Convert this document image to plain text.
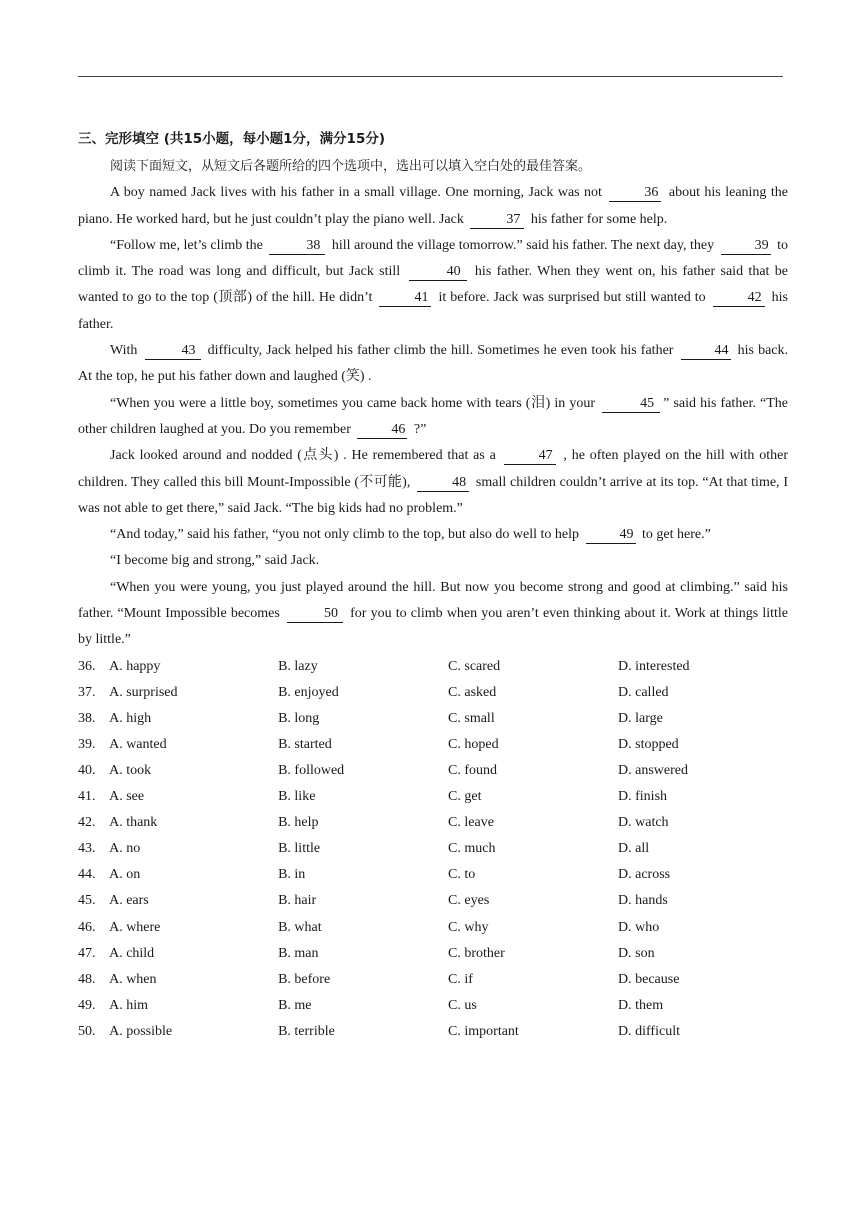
三、完形填空 (共15小题，每小题1分，满分15分)

阅读下面短文，从短文后各题所给的四个选项中，选出可以填入空白处的最佳答案。

A boy named Jack lives with his father in a small village. One morning, Jack was not	36 about his leaning the piano. He worked hard, but he just couldn’t play the piano well. Jack	37 his father for some help.

“Follow me, let’s climb the	38 hill around the village tomorrow.” said his father. The next day, they	39 to climb it. The road was long and difficult, but Jack still	40 his father. When they went on, his father said that be wanted to go to the top (顶部) of the hill. He didn’t	41 it before. Jack was surprised but still wanted to	42 his father.

With	43 difficulty, Jack helped his father climb the hill. Sometimes he even took his father	44 his back. At the top, he put his father down and laughed (笑) .

“When you were a little boy, sometimes you came back home with tears (泪) in your	45 ” said his father. “The other children laughed at you. Do you remember	46 ?”

Jack looked around and nodded (点头) . He remembered that as a	47 , he often played on the hill with other children. They called this bill Mount-Impossible (不可能),	48 small children couldn’t arrive at its top. “At that time, I was not able to get there,” said Jack. “The big kids had no problem.”

“And today,” said his father, “you not only climb to the top, but also do well to help	49 to get here.”

“I become big and strong,” said Jack.

“When you were young, you just played around the hill. But now you become strong and good at climbing.” said his father. “Mount Impossible becomes	50 for you to climb when you aren’t even thinking about it. Work at things little by little.”

36. A. happy	B. lazy	C. scared	D. interested
37. A. surprised	B. enjoyed	C. asked	D. called
38. A. high	B. long	C. small	D. large
39. A. wanted	B. started	C. hoped	D. stopped
40. A. took	B. followed	C. found	D. answered
41. A. see	B. like	C. get	D. finish
42. A. thank	B. help	C. leave	D. watch
43. A. no	B. little	C. much	D. all
44. A. on	B. in	C. to	D. across
45. A. ears	B. hair	C. eyes	D. hands
46. A. where	B. what	C. why	D. who
47. A. child	B. man	C. brother	D. son
48. A. when	B. before	C. if	D. because
49. A. him	B. me	C. us	D. them
50. A. possible	B. terrible	C. important	D. difficult
